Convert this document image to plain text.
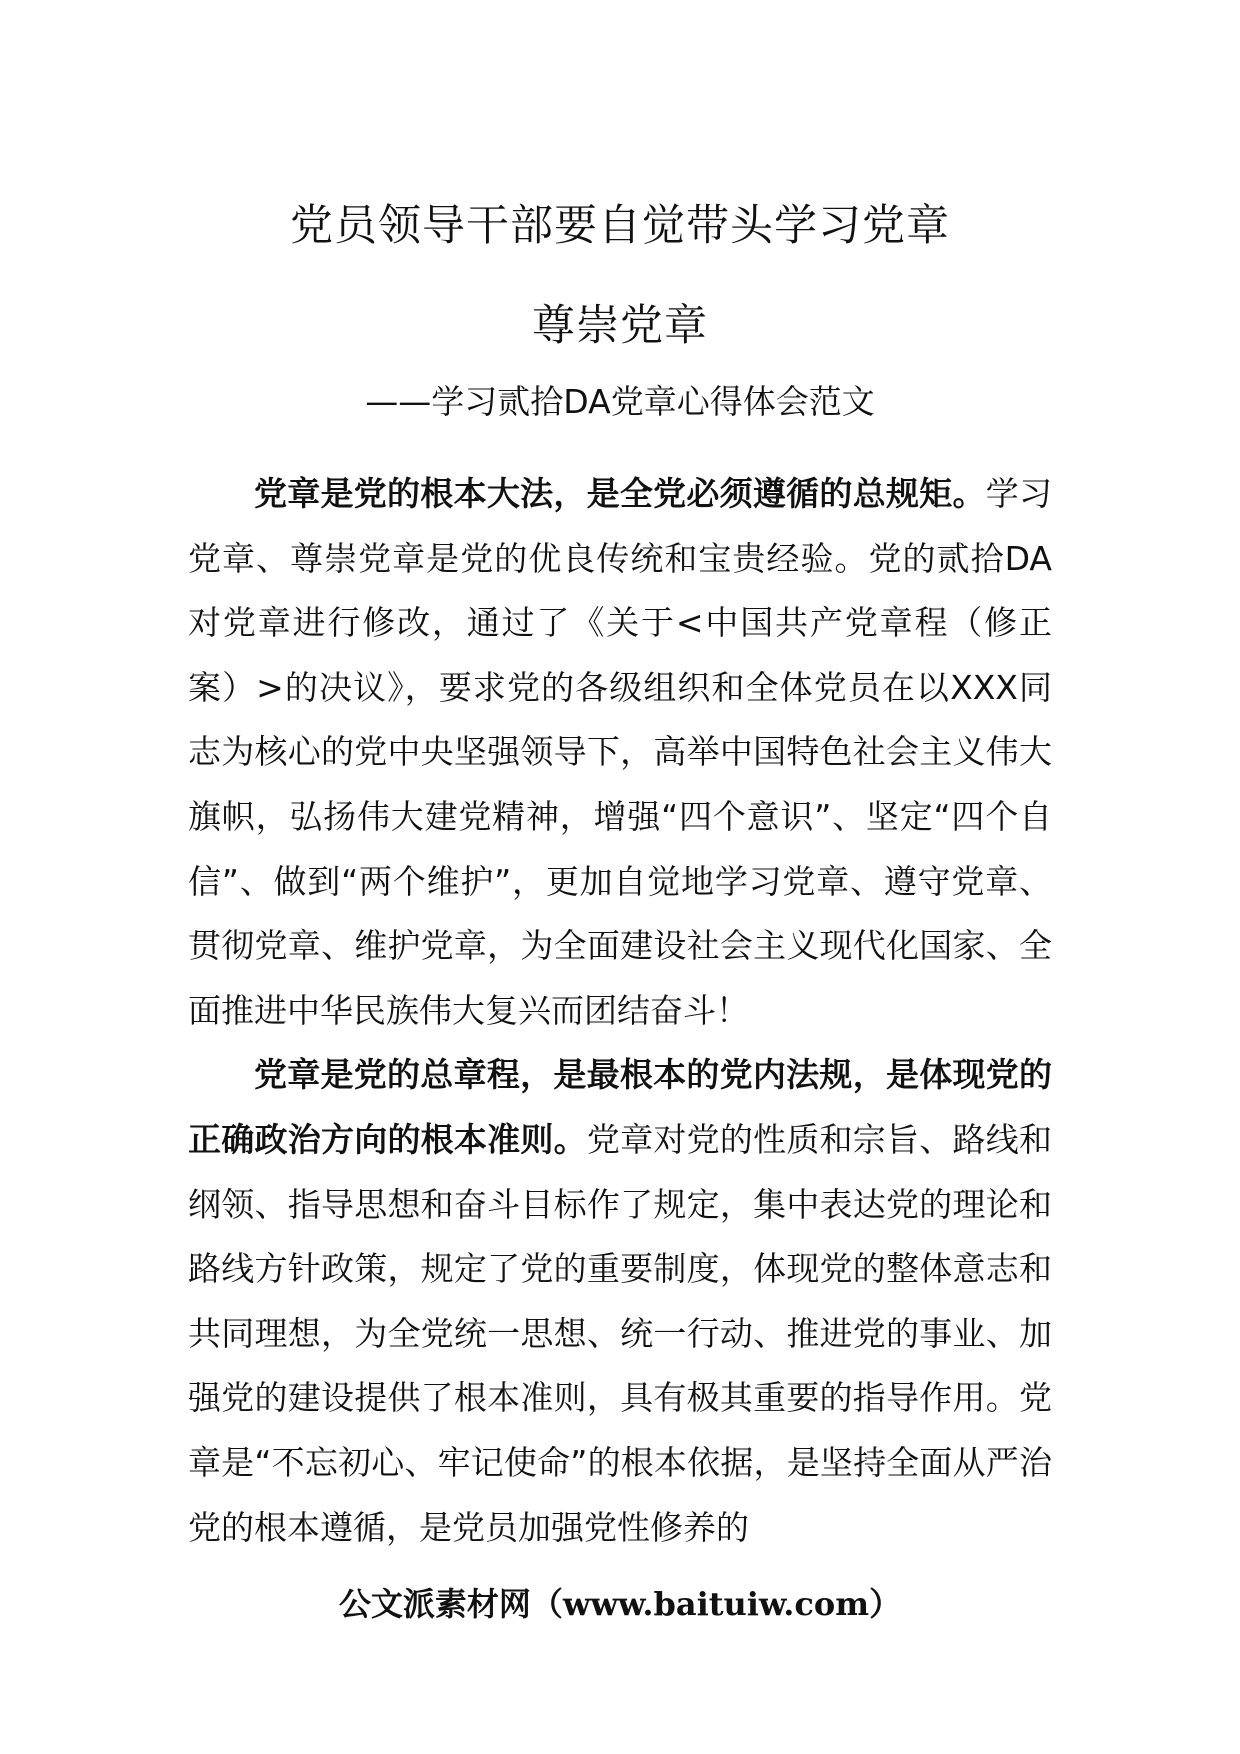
党员领导干部要自觉带头学习党章
尊崇党章
——学习贰拾DA党章心得体会范文

党章是党的根本大法，是全党必须遵循的总规矩。学习党章、尊崇党章是党的优良传统和宝贵经验。党的贰拾DA对党章进行修改，通过了《关于<中国共产党章程（修正案）>的决议》，要求党的各级组织和全体党员在以XXX同志为核心的党中央坚强领导下，高举中国特色社会主义伟大旗帜，弘扬伟大建党精神，增强“四个意识”、坚定“四个自信”、做到“两个维护”，更加自觉地学习党章、遵守党章、贯彻党章、维护党章，为全面建设社会主义现代化国家、全面推进中华民族伟大复兴而团结奋斗！

党章是党的总章程，是最根本的党内法规，是体现党的正确政治方向的根本准则。党章对党的性质和宗旨、路线和纲领、指导思想和奋斗目标作了规定，集中表达党的理论和路线方针政策，规定了党的重要制度，体现党的整体意志和共同理想，为全党统一思想、统一行动、推进党的事业、加强党的建设提供了根本准则，具有极其重要的指导作用。党章是“不忘初心、牢记使命”的根本依据，是坚持全面从严治党的根本遵循，是党员加强党性修养的

公文派素材网（www.baituiw.com）
